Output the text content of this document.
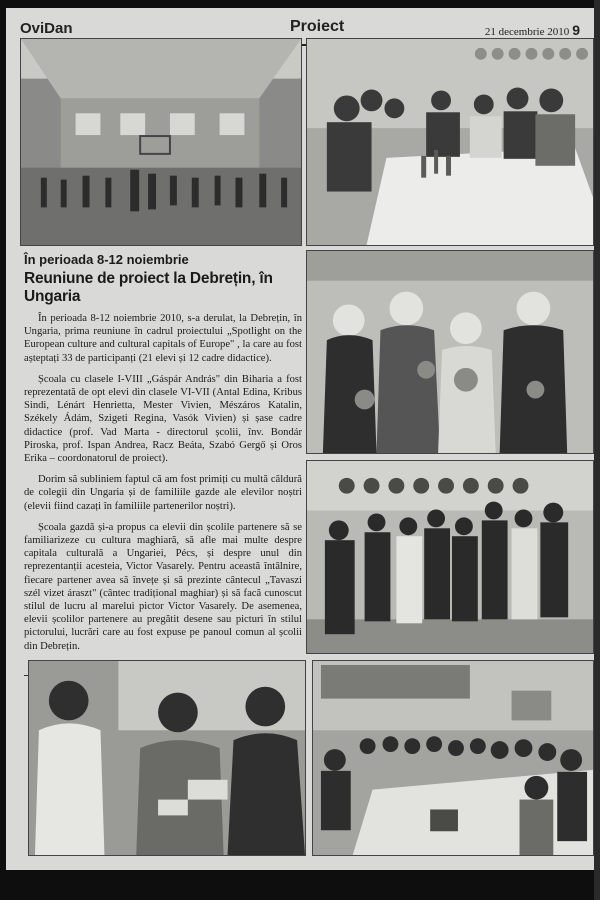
OviDan	Proiect	21 decembrie 2010 9

În perioada 8-12 noiembrie

Reuniune de proiect la Debrețin, în Ungaria

În perioada 8-12 noiembrie 2010, s-a derulat, la Debrețin, în Ungaria, prima reuniune în cadrul proiectului „Spotlight on the European culture and cultural capitals of Europe" , la care au fost așteptați 33 de participanți (21 elevi și 12 cadre didactice).

Școala cu clasele I-VIII „Gáspár András" din Biharia a fost reprezentată de opt elevi din clasele VI-VII (Antal Edina, Kribus Sindi, Lénárt Henrietta, Mester Vivien, Mészáros Katalin, Székely Ádám, Szigeti Regina, Vasók Vivien) și șase cadre didactice (prof. Vad Marta - directorul școlii, înv. Bondár Piroska, prof. Ispan Andrea, Racz Beáta, Szabó Gergő și Oros Erika – coordonatorul de proiect).

Dorim să subliniem faptul că am fost primiți cu multă căldură de colegii din Ungaria și de familiile gazde ale elevilor noștri (elevii fiind cazați în familiile partenerilor noștri).

Școala gazdă și-a propus ca elevii din școlile partenere să se familiarizeze cu cultura maghiară, să afle mai multe despre capitala culturală a Ungariei, Pécs, și despre unul din reprezentanții acesteia, Victor Vasarely. Pentru această întâlnire, fiecare partener avea să învețe și să prezinte cântecul „Tavaszi szél vizet áraszt" (cântec tradițional maghiar) și să facă cunoscut stilul de lucru al marelui pictor Victor Vasarely. De asemenea, elevii școlilor partenere au pregătit desene sau picturi în stilul pictorului, lucrări care au fost expuse pe panoul comun al școlii din Debrețin.
